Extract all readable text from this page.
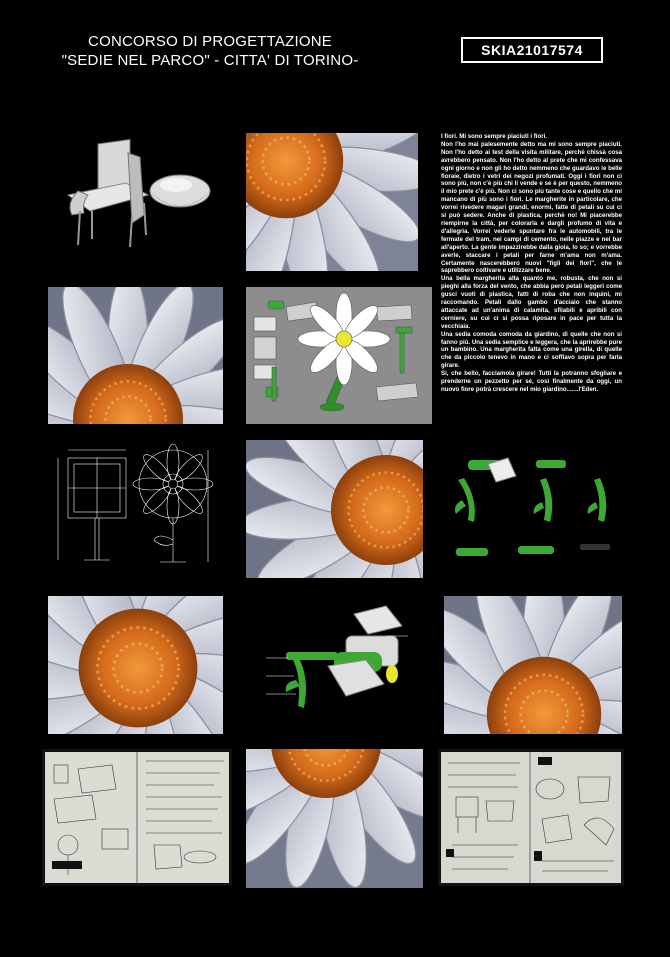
CONCORSO DI PROGETTAZIONE
"SEDIE NEL PARCO" - CITTA' DI TORINO-
SKIA21017574

I fiori. Mi sono sempre piaciuti i fiori.

Non l'ho mai palesemente detto ma mi sono sempre piaciuti. Non l'ho detto ai test della visita militare, perchè chissà cosa avrebbero pensato. Non l'ho detto al prete che mi confessava ogni giorno e non gli ho detto nemmeno che guardavo le belle fioraie, dietro i vetri dei negozi profumati. Oggi i fiori non ci sono più, non c'è più chi li vende e se è per questo, nemmeno il mio prete c'è più. Non ci sono più tante cose e quello che mi mancano di più sono i fiori. Le margherite in particolare, che vorrei rivedere magari grandi, enormi, fatte di petali su cui ci si può sedere. Anche di plastica, perchè no! Mi piacerebbe riempirne la città, per colorarla e dargli profumo di vita e d'allegria. Vorrei vederle spuntare fra le automobili, tra le fermate del tram, nei campi di cemento, nelle piazze e nei bar all'aperto. La gente impazzirebbe dalla gioia, lo so; e vorrebbe averle, staccare i petali per farne m'ama non m'ama. Certamente nascerebbero nuovi "figli dei fiori", che le saprebbero coltivare e utilizzare bene.

Una bella margherita alta quanto me, robusta, che non si pieghi alla forza del vento, che abbia però petali leggeri come gusci vuoti di plastica, fatti di roba che non inquini, mi raccomando. Petali dallo gambo d'acciaio che stanno attaccate ad un'anima di calamita, sfilabili e apribili con cerniere, su cui ci si possa riposare in pace per tutta la vecchiaia.

Una sedia comoda comoda da giardino, di quelle che non si fanno più. Una sedia semplice e leggera, che la aprirebbe pure un bambino. Una margherita fatta come una girella, di quelle che da piccolo tenevo in mano e ci soffiavo sopra per farla girare.

Sì, che bello, facciamola girare! Tutti la potranno sfogliare e prenderne un pezzetto per sé, così finalmente da oggi, un nuovo fiore potrà crescere nel mio giardino.......l'Eden.
